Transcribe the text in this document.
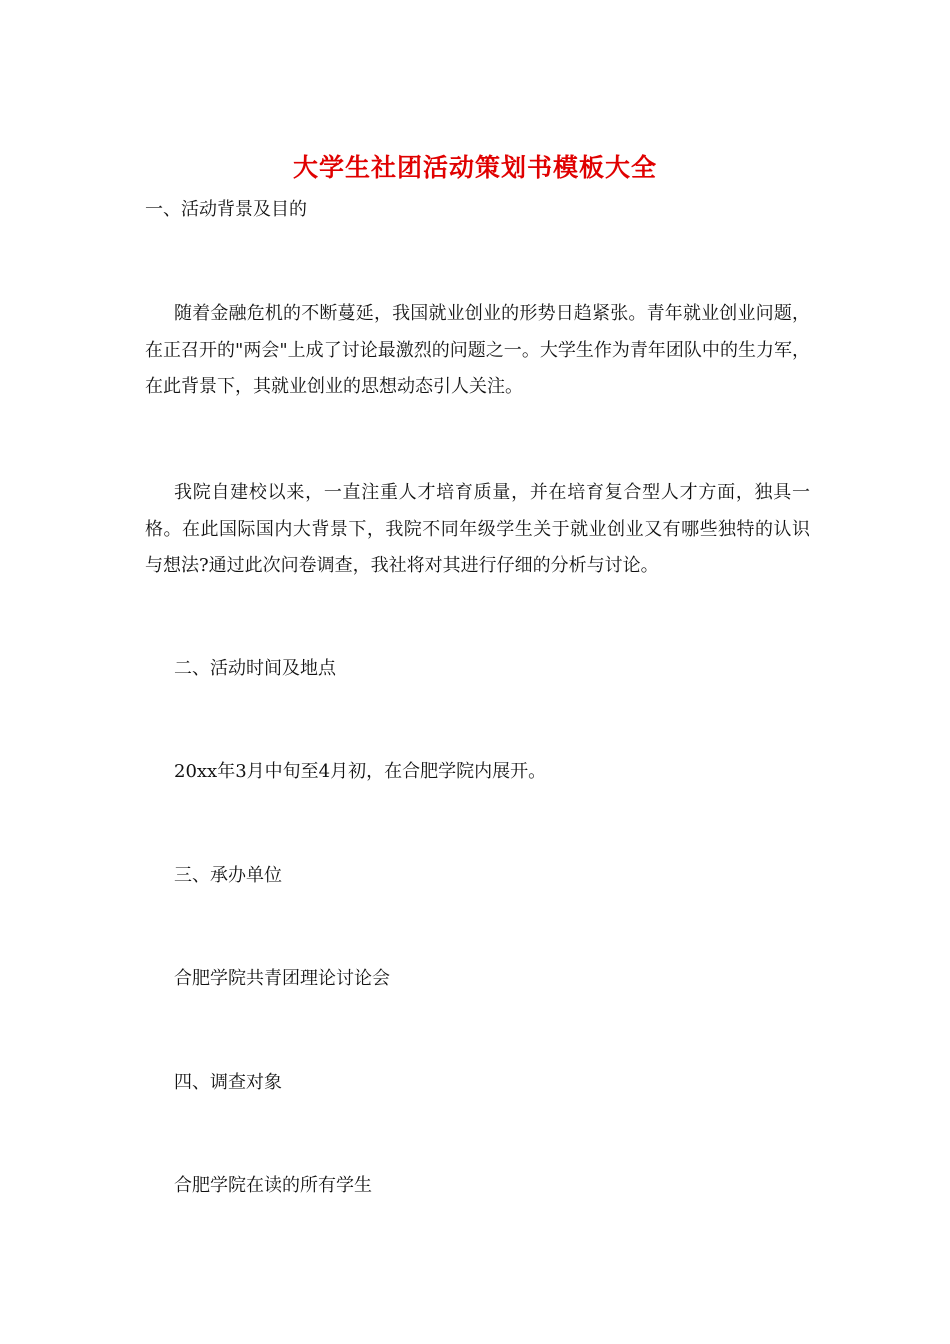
大学生社团活动策划书模板大全
一、活动背景及目的
随着金融危机的不断蔓延，我国就业创业的形势日趋紧张。青年就业创业问题，在正召开的"两会"上成了讨论最激烈的问题之一。大学生作为青年团队中的生力军，在此背景下，其就业创业的思想动态引人关注。
我院自建校以来，一直注重人才培育质量，并在培育复合型人才方面，独具一格。在此国际国内大背景下，我院不同年级学生关于就业创业又有哪些独特的认识与想法?通过此次问卷调查，我社将对其进行仔细的分析与讨论。
二、活动时间及地点
20xx年3月中旬至4月初，在合肥学院内展开。
三、承办单位
合肥学院共青团理论讨论会
四、调查对象
合肥学院在读的所有学生
